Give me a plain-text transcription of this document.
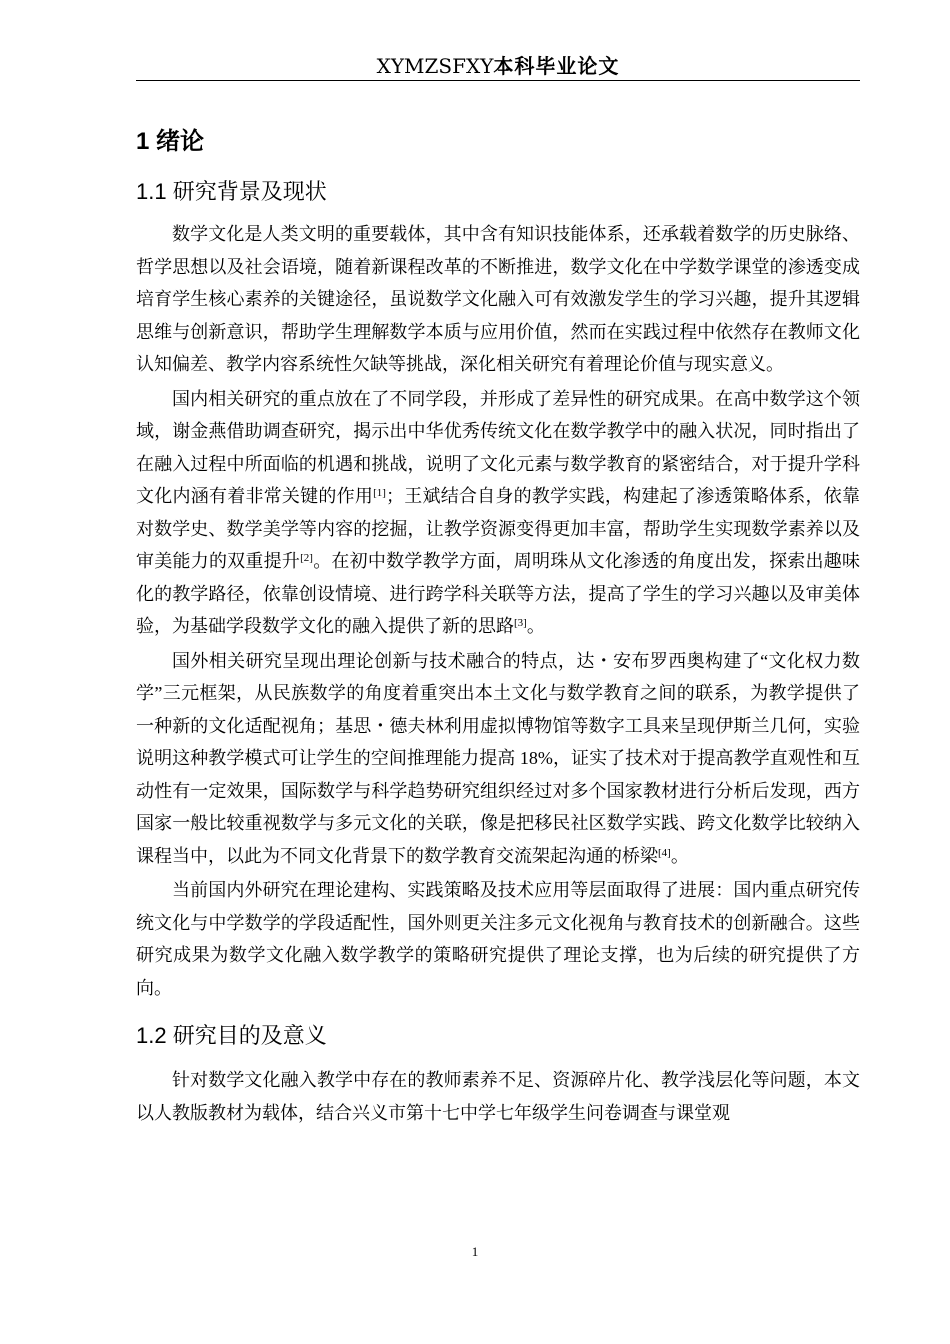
XYMZSFXY本科毕业论文
1 绪论
1.1 研究背景及现状

数学文化是人类文明的重要载体，其中含有知识技能体系，还承载着数学的历史脉络、哲学思想以及社会语境，随着新课程改革的不断推进，数学文化在中学数学课堂的渗透变成培育学生核心素养的关键途径，虽说数学文化融入可有效激发学生的学习兴趣，提升其逻辑思维与创新意识，帮助学生理解数学本质与应用价值，然而在实践过程中依然存在教师文化认知偏差、教学内容系统性欠缺等挑战，深化相关研究有着理论价值与现实意义。

国内相关研究的重点放在了不同学段，并形成了差异性的研究成果。在高中数学这个领域，谢金燕借助调查研究，揭示出中华优秀传统文化在数学教学中的融入状况，同时指出了在融入过程中所面临的机遇和挑战，说明了文化元素与数学教育的紧密结合，对于提升学科文化内涵有着非常关键的作用[1]；王斌结合自身的教学实践，构建起了渗透策略体系，依靠对数学史、数学美学等内容的挖掘，让教学资源变得更加丰富，帮助学生实现数学素养以及审美能力的双重提升[2]。在初中数学教学方面，周明珠从文化渗透的角度出发，探索出趣味化的教学路径，依靠创设情境、进行跨学科关联等方法，提高了学生的学习兴趣以及审美体验，为基础学段数学文化的融入提供了新的思路[3]。

国外相关研究呈现出理论创新与技术融合的特点，达・安布罗西奥构建了“文化权力数学”三元框架，从民族数学的角度着重突出本土文化与数学教育之间的联系，为教学提供了一种新的文化适配视角；基思・德夫林利用虚拟博物馆等数字工具来呈现伊斯兰几何，实验说明这种教学模式可让学生的空间推理能力提高 18%，证实了技术对于提高教学直观性和互动性有一定效果，国际数学与科学趋势研究组织经过对多个国家教材进行分析后发现，西方国家一般比较重视数学与多元文化的关联，像是把移民社区数学实践、跨文化数学比较纳入课程当中，以此为不同文化背景下的数学教育交流架起沟通的桥梁[4]。

当前国内外研究在理论建构、实践策略及技术应用等层面取得了进展：国内重点研究传统文化与中学数学的学段适配性，国外则更关注多元文化视角与教育技术的创新融合。这些研究成果为数学文化融入数学教学的策略研究提供了理论支撑，也为后续的研究提供了方向。

1.2 研究目的及意义

针对数学文化融入教学中存在的教师素养不足、资源碎片化、教学浅层化等问题，本文以人教版教材为载体，结合兴义市第十七中学七年级学生问卷调查与课堂观

1
